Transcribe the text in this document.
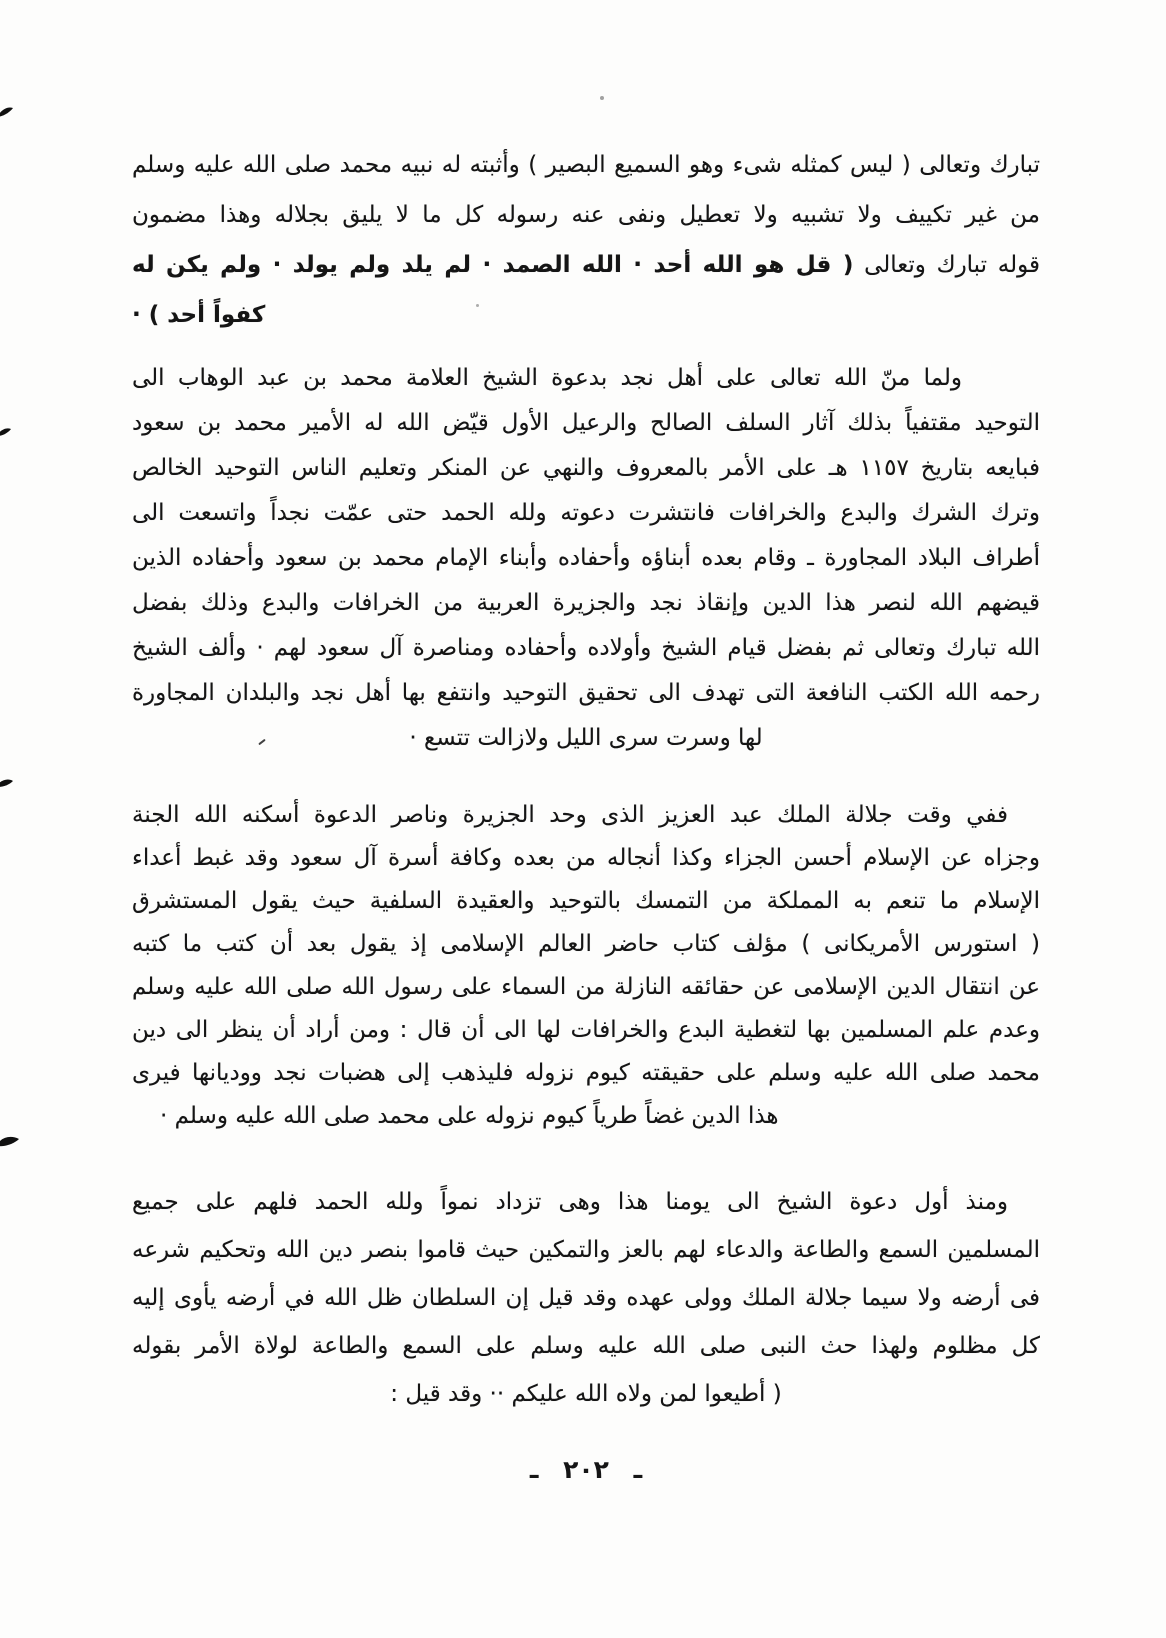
تبارك وتعالى ( ليس كمثله شىء وهو السميع البصير ) وأثبته له نبيه محمد صلى الله عليه وسلم
من غير تكييف ولا تشبيه ولا تعطيل ونفى عنه رسوله كل ما لا يليق بجلاله وهذا مضمون
قوله تبارك وتعالى ( قل هو الله أحد · الله الصمد · لم يلد ولم يولد · ولم يكن له
كفواً أحد ) ·
ولما منّ الله تعالى على أهل نجد بدعوة الشيخ العلامة محمد بن عبد الوهاب الى
التوحيد مقتفياً بذلك آثار السلف الصالح والرعيل الأول قيّض الله له الأمير محمد بن سعود
فبايعه بتاريخ ١١٥٧ هـ على الأمر بالمعروف والنهي عن المنكر وتعليم الناس التوحيد الخالص
وترك الشرك والبدع والخرافات فانتشرت دعوته ولله الحمد حتى عمّت نجداً واتسعت الى
أطراف البلاد المجاورة ـ وقام بعده أبناؤه وأحفاده وأبناء الإمام محمد بن سعود وأحفاده الذين
قيضهم الله لنصر هذا الدين وإنقاذ نجد والجزيرة العربية من الخرافات والبدع وذلك بفضل
الله تبارك وتعالى ثم بفضل قيام الشيخ وأولاده وأحفاده ومناصرة آل سعود لهم · وألف الشيخ
رحمه الله الكتب النافعة التى تهدف الى تحقيق التوحيد وانتفع بها أهل نجد والبلدان المجاورة
لها وسرت سرى الليل ولازالت تتسع ·
ففي وقت جلالة الملك عبد العزيز الذى وحد الجزيرة وناصر الدعوة أسكنه الله الجنة
وجزاه عن الإسلام أحسن الجزاء وكذا أنجاله من بعده وكافة أسرة آل سعود وقد غبط أعداء
الإسلام ما تنعم به المملكة من التمسك بالتوحيد والعقيدة السلفية حيث يقول المستشرق
( استورس الأمريكانى ) مؤلف كتاب حاضر العالم الإسلامى إذ يقول بعد أن كتب ما كتبه
عن انتقال الدين الإسلامى عن حقائقه النازلة من السماء على رسول الله صلى الله عليه وسلم
وعدم علم المسلمين بها لتغطية البدع والخرافات لها الى أن قال : ومن أراد أن ينظر الى دين
محمد صلى الله عليه وسلم على حقيقته كيوم نزوله فليذهب إلى هضبات نجد ووديانها فيرى
هذا الدين غضاً طرياً كيوم نزوله على محمد صلى الله عليه وسلم ·
ومنذ أول دعوة الشيخ الى يومنا هذا وهى تزداد نمواً ولله الحمد فلهم على جميع
المسلمين السمع والطاعة والدعاء لهم بالعز والتمكين حيث قاموا بنصر دين الله وتحكيم شرعه
فى أرضه ولا سيما جلالة الملك وولى عهده وقد قيل إن السلطان ظل الله في أرضه يأوى إليه
كل مظلوم ولهذا حث النبى صلى الله عليه وسلم على السمع والطاعة لولاة الأمر بقوله
( أطيعوا لمن ولاه الله عليكم ·· وقد قيل :
ـ ٢٠٢ ـ
